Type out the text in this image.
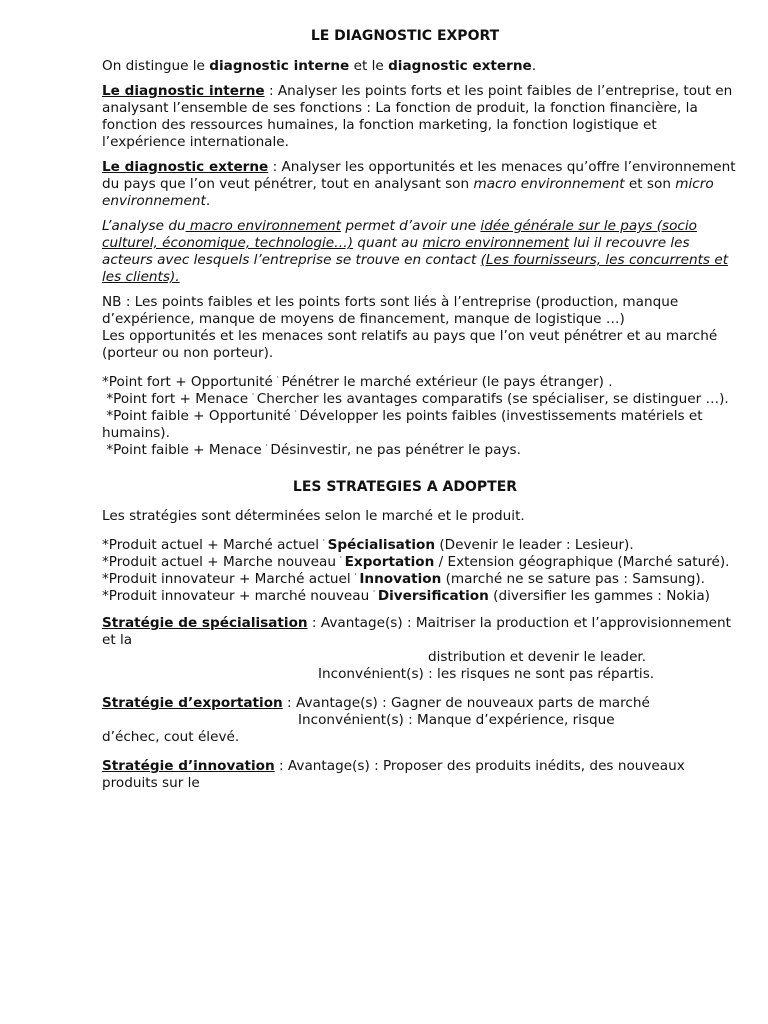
LE DIAGNOSTIC EXPORT

On distingue le diagnostic interne et le diagnostic externe.

Le diagnostic interne : Analyser les points forts et les point faibles de l’entreprise, tout en analysant l’ensemble de ses fonctions : La fonction de produit, la fonction financière, la fonction des ressources humaines, la fonction marketing, la fonction logistique et l’expérience internationale.

Le diagnostic externe : Analyser les opportunités et les menaces qu’offre l’environnement du pays que l’on veut pénétrer, tout en analysant son macro environnement et son micro environnement.

L’analyse du macro environnement permet d’avoir une idée générale sur le pays (socio culturel, économique, technologie…) quant au micro environnement lui il recouvre les acteurs avec lesquels l’entreprise se trouve en contact (Les fournisseurs, les concurrents et les clients).

NB : Les points faibles et les points forts sont liés à l’entreprise (production, manque d’expérience, manque de moyens de financement, manque de logistique …)
Les opportunités et les menaces sont relatifs au pays que l’on veut pénétrer et au marché (porteur ou non porteur).

*Point fort + Opportunité  Pénétrer le marché extérieur (le pays étranger) .
*Point fort + Menace  Chercher les avantages comparatifs (se spécialiser, se distinguer …).
*Point faible + Opportunité  Développer les points faibles (investissements matériels et humains).
*Point faible + Menace  Désinvestir, ne pas pénétrer le pays.

LES STRATEGIES A ADOPTER

Les stratégies sont déterminées selon le marché et le produit.

*Produit actuel + Marché actuel Spécialisation (Devenir le leader : Lesieur).
*Produit actuel + Marche nouveau Exportation / Extension géographique (Marché saturé).
*Produit innovateur + Marché actuel Innovation (marché ne se sature pas : Samsung).
*Produit innovateur + marché nouveau Diversification (diversifier les gammes : Nokia)

Stratégie de spécialisation : Avantage(s) : Maitriser la production et l’approvisionnement et la
distribution et devenir le leader.
Inconvénient(s) : les risques ne sont pas répartis.

Stratégie d’exportation : Avantage(s) : Gagner de nouveaux parts de marché
Inconvénient(s) : Manque d’expérience, risque
d’échec, cout élevé.

Stratégie d’innovation : Avantage(s) : Proposer des produits inédits, des nouveaux produits sur le
